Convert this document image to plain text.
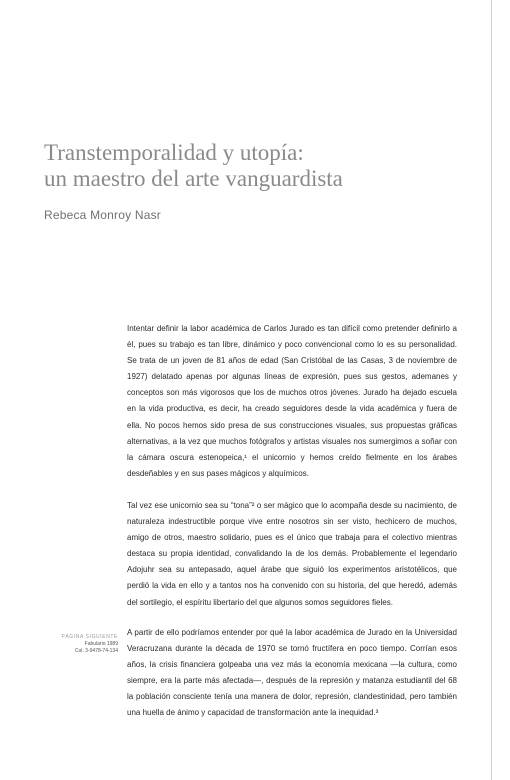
Transtemporalidad y utopía:
un maestro del arte vanguardista

Rebeca Monroy Nasr

Intentar definir la labor académica de Carlos Jurado es tan difícil como pretender definirlo a él, pues su trabajo es tan libre, dinámico y poco convencional como lo es su personalidad. Se trata de un joven de 81 años de edad (San Cristóbal de las Casas, 3 de noviembre de 1927) delatado apenas por algunas líneas de expresión, pues sus gestos, ademanes y conceptos son más vigorosos que los de muchos otros jóvenes. Jurado ha dejado escuela en la vida productiva, es decir, ha creado seguidores desde la vida académica y fuera de ella. No pocos hemos sido presa de sus construcciones visuales, sus propuestas gráficas alternativas, a la vez que muchos fotógrafos y artistas visuales nos sumergimos a soñar con la cámara oscura estenopeica,¹ el unicornio y hemos creído fielmente en los árabes desdeñables y en sus pases mágicos y alquímicos.

Tal vez ese unicornio sea su “tona”² o ser mágico que lo acompaña desde su nacimiento, de naturaleza indestructible porque vive entre nosotros sin ser visto, hechicero de muchos, amigo de otros, maestro solidario, pues es el único que trabaja para el colectivo mientras destaca su propia identidad, convalidando la de los demás. Probablemente el legendario Adojuhr sea su antepasado, aquel árabe que siguió los experimentos aristotélicos, que perdió la vida en ello y a tantos nos ha convenido con su historia, del que heredó, además del sortilegio, el espíritu libertario del que algunos somos seguidores fieles.

A partir de ello podríamos entender por qué la labor académica de Jurado en la Universidad Veracruzana durante la década de 1970 se tornó fructífera en poco tiempo. Corrían esos años, la crisis financiera golpeaba una vez más la economía mexicana —la cultura, como siempre, era la parte más afectada—, después de la represión y matanza estudiantil del 68 la población consciente tenía una manera de dolor, represión, clandestinidad, pero también una huella de ánimo y capacidad de transformación ante la inequidad.³

PÁGINA SIGUIENTE
Fabulario 1989
Col. 3-9478-74-134
